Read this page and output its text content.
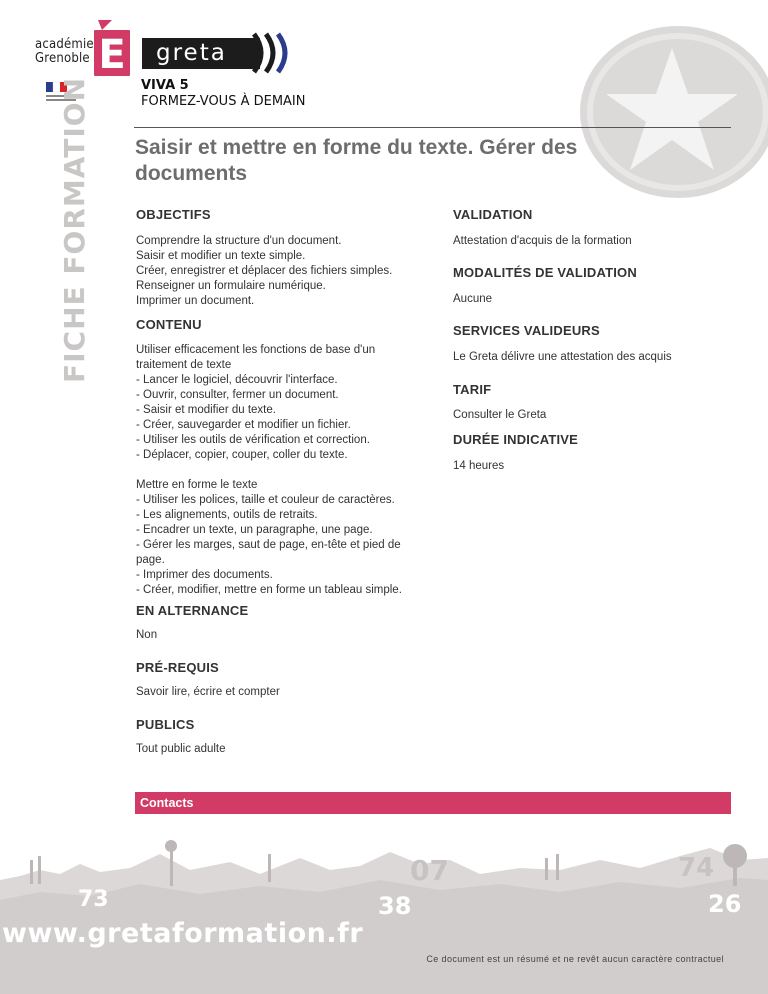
académie
Grenoble E	greta
VIVA 5
FORMEZ-VOUS À DEMAIN
FICHE FORMATION Saisir et mettre en forme du texte. Gérer des documents
OBJECTIFS
Comprendre la structure d'un document.
Saisir et modifier un texte simple.
Créer, enregistrer et déplacer des fichiers simples.
Renseigner un formulaire numérique.
Imprimer un document.
CONTENU
Utiliser efficacement les fonctions de base d'un
traitement de texte
- Lancer le logiciel, découvrir l'interface.
- Ouvrir, consulter, fermer un document.
- Saisir et modifier du texte.
- Créer, sauvegarder et modifier un fichier.
- Utiliser les outils de vérification et correction.
- Déplacer, copier, couper, coller du texte.

Mettre en forme le texte
- Utiliser les polices, taille et couleur de caractères.
- Les alignements, outils de retraits.
- Encadrer un texte, un paragraphe, une page.
- Gérer les marges, saut de page, en-tête et pied de
page.
- Imprimer des documents.
- Créer, modifier, mettre en forme un tableau simple.
EN ALTERNANCE
Non
PRÉ-REQUIS
Savoir lire, écrire et compter
PUBLICS
Tout public adulte
VALIDATION
Attestation d'acquis de la formation
MODALITÉS DE VALIDATION
Aucune
SERVICES VALIDEURS
Le Greta délivre une attestation des acquis
TARIF
Consulter le Greta
DURÉE INDICATIVE
14 heures
Contacts
73
07
38
74
26
www.gretaformation.fr
Ce document est un résumé et ne revêt aucun caractère contractuel
